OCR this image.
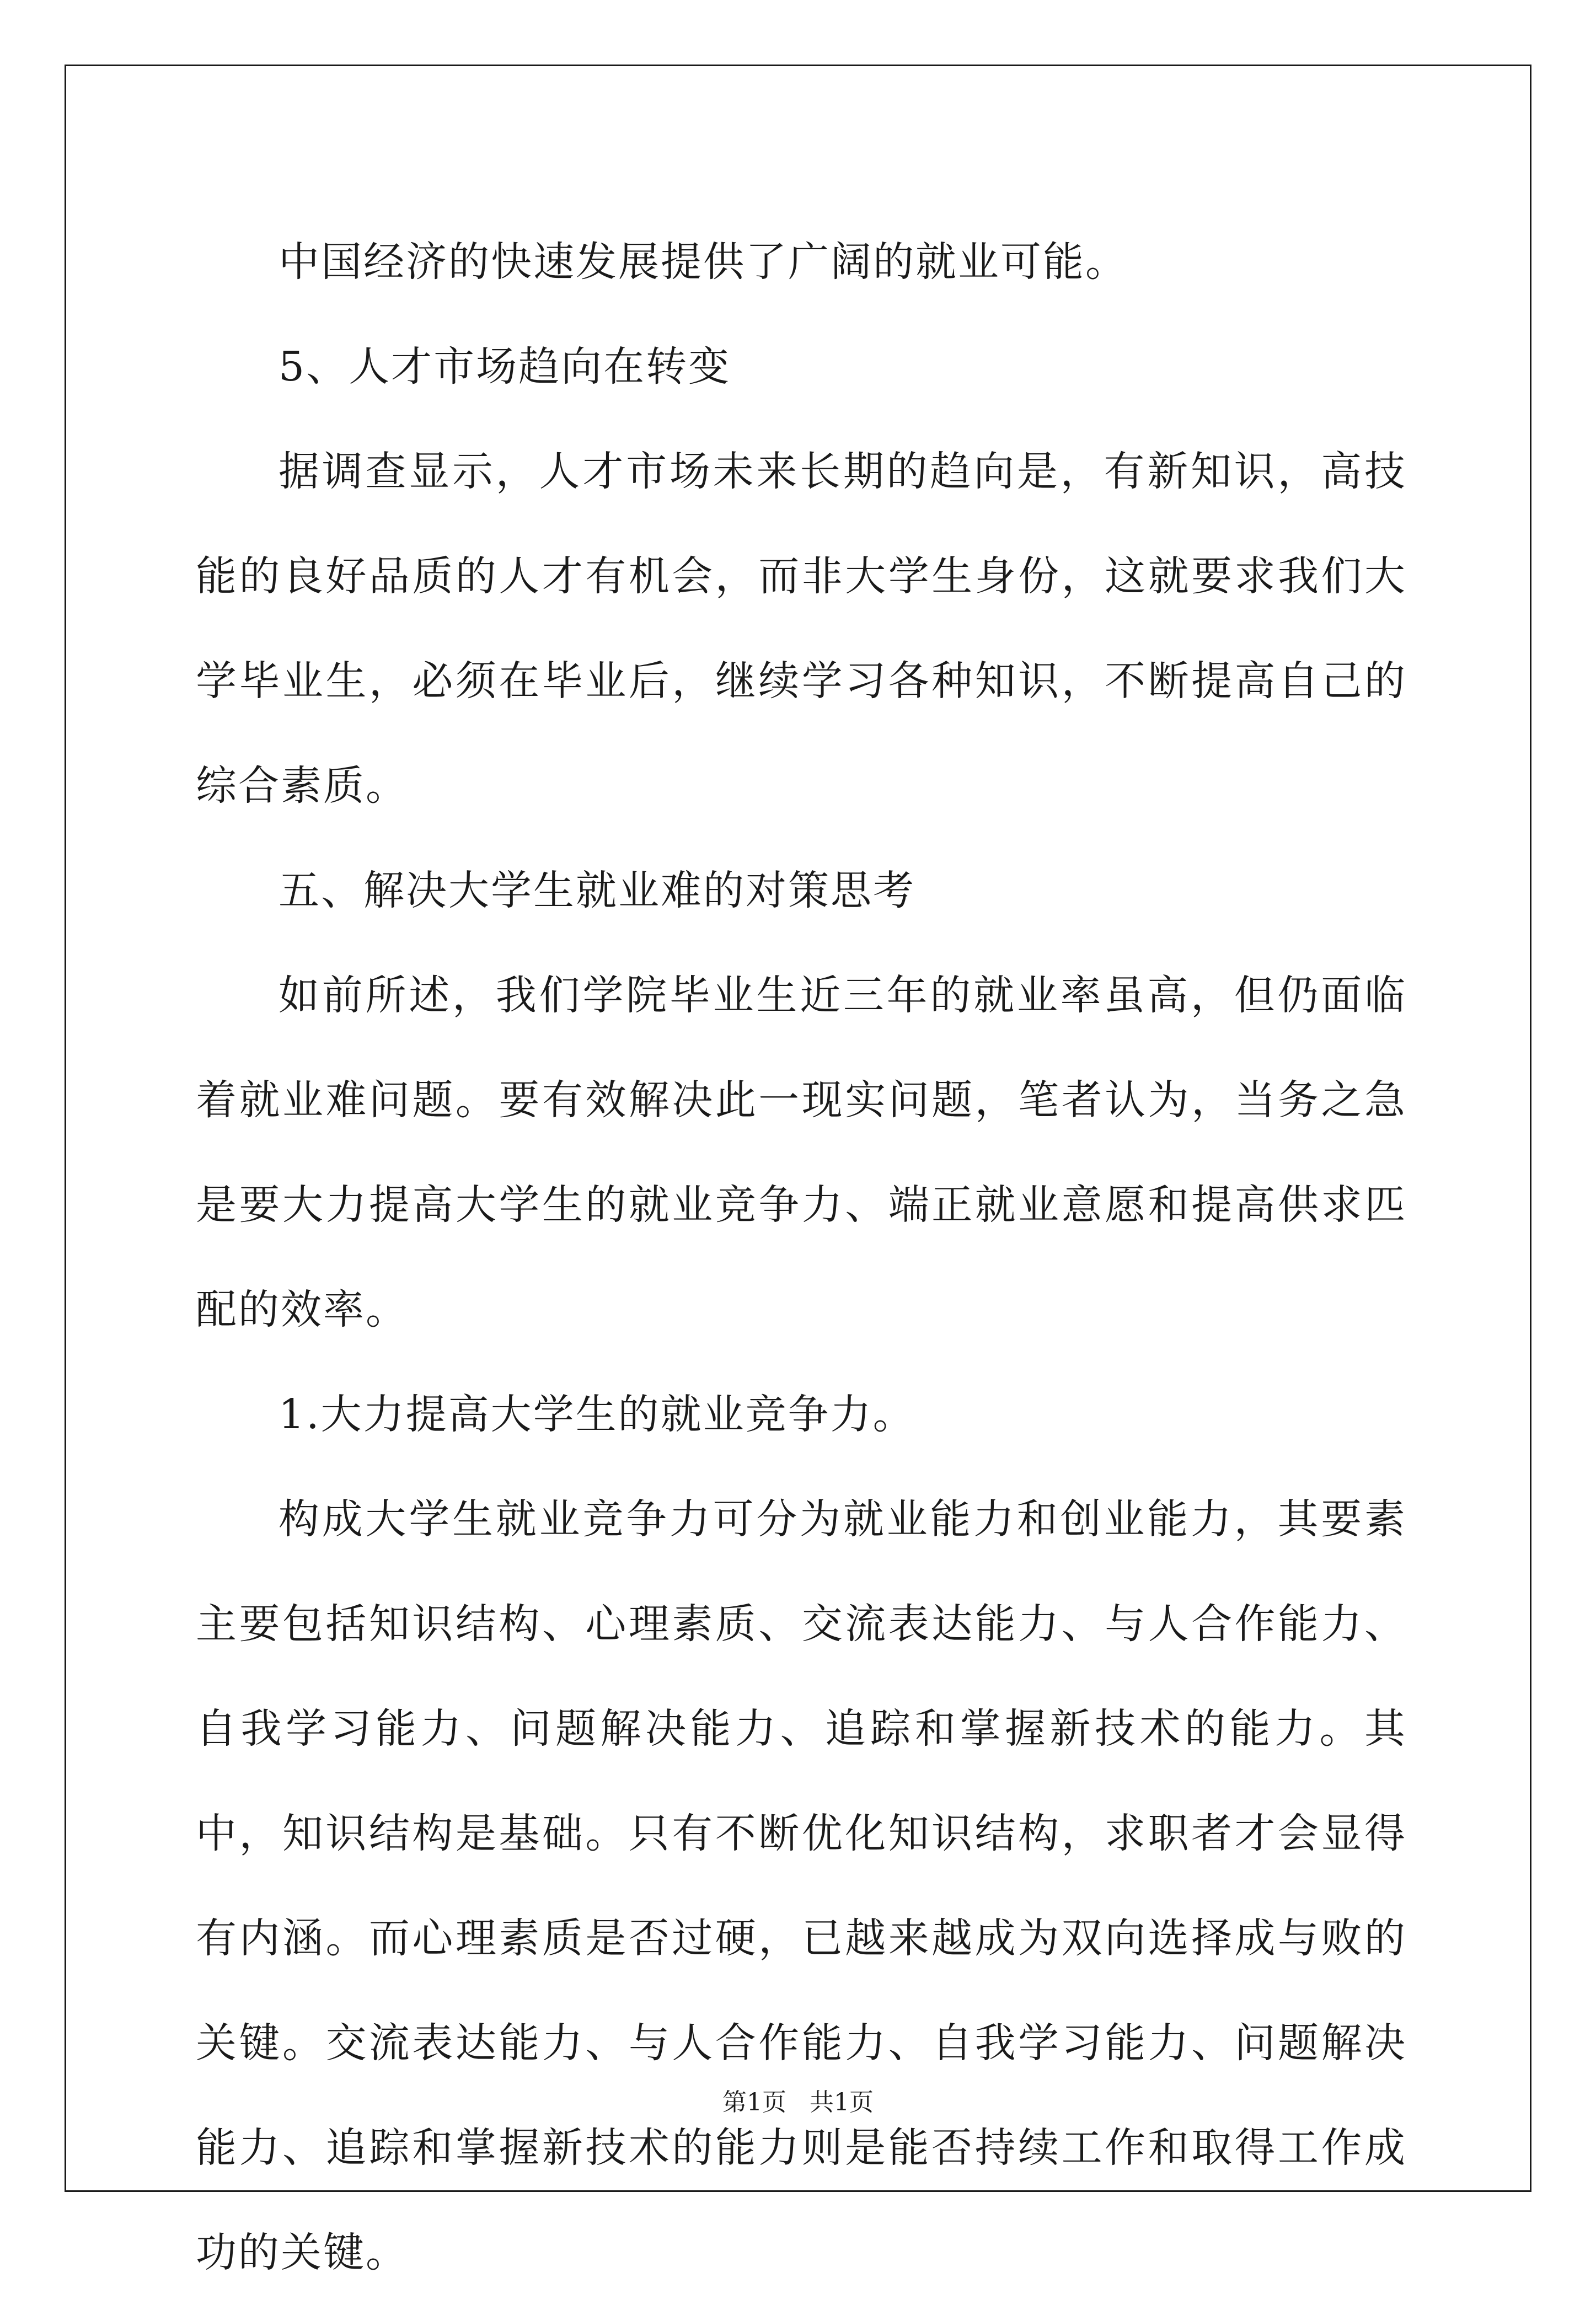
中国经济的快速发展提供了广阔的就业可能。

5、人才市场趋向在转变

据调查显示，人才市场未来长期的趋向是，有新知识，高技能的良好品质的人才有机会，而非大学生身份，这就要求我们大学毕业生，必须在毕业后，继续学习各种知识，不断提高自己的综合素质。

五、解决大学生就业难的对策思考

如前所述，我们学院毕业生近三年的就业率虽高，但仍面临着就业难问题。要有效解决此一现实问题，笔者认为，当务之急是要大力提高大学生的就业竞争力、端正就业意愿和提高供求匹配的效率。

1.大力提高大学生的就业竞争力。

构成大学生就业竞争力可分为就业能力和创业能力，其要素主要包括知识结构、心理素质、交流表达能力、与人合作能力、自我学习能力、问题解决能力、追踪和掌握新技术的能力。其中，知识结构是基础。只有不断优化知识结构，求职者才会显得有内涵。而心理素质是否过硬，已越来越成为双向选择成与败的关键。交流表达能力、与人合作能力、自我学习能力、问题解决能力、追踪和掌握新技术的能力则是能否持续工作和取得工作成功的关键。

第1页   共1页
